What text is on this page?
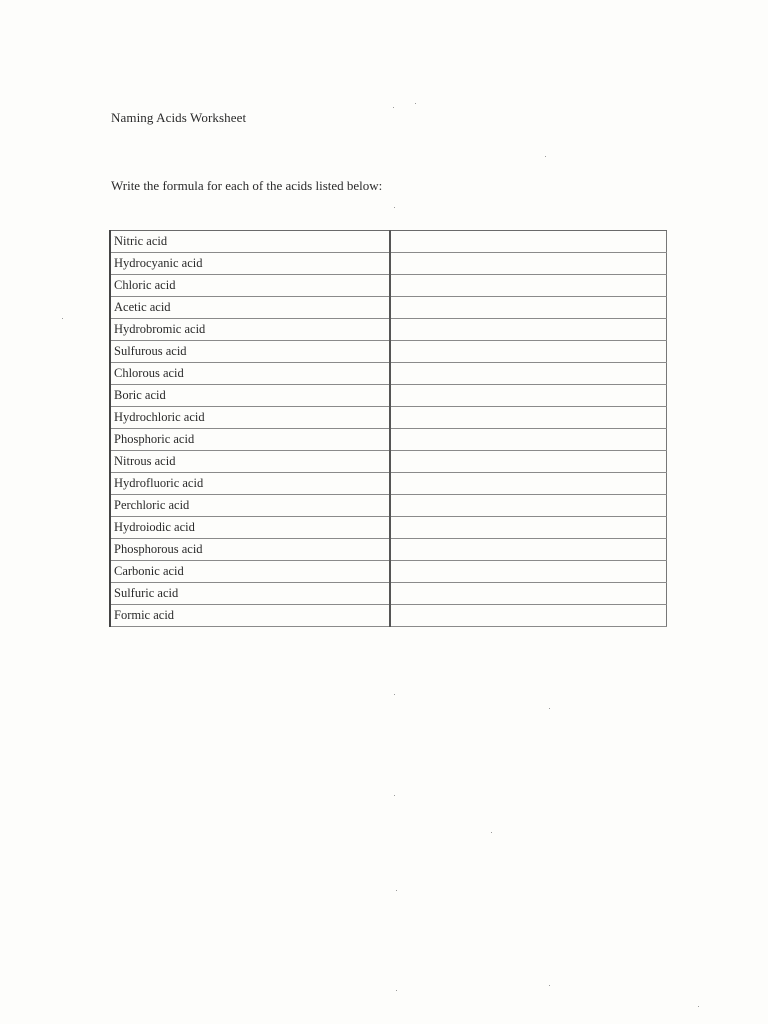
Naming Acids Worksheet
Write the formula for each of the acids listed below:
Nitric acid	
Hydrocyanic acid	
Chloric acid	
Acetic acid	
Hydrobromic acid	
Sulfurous acid	
Chlorous acid	
Boric acid	
Hydrochloric acid	
Phosphoric acid	
Nitrous acid	
Hydrofluoric acid	
Perchloric acid	
Hydroiodic acid	
Phosphorous acid	
Carbonic acid	
Sulfuric acid	
Formic acid	
